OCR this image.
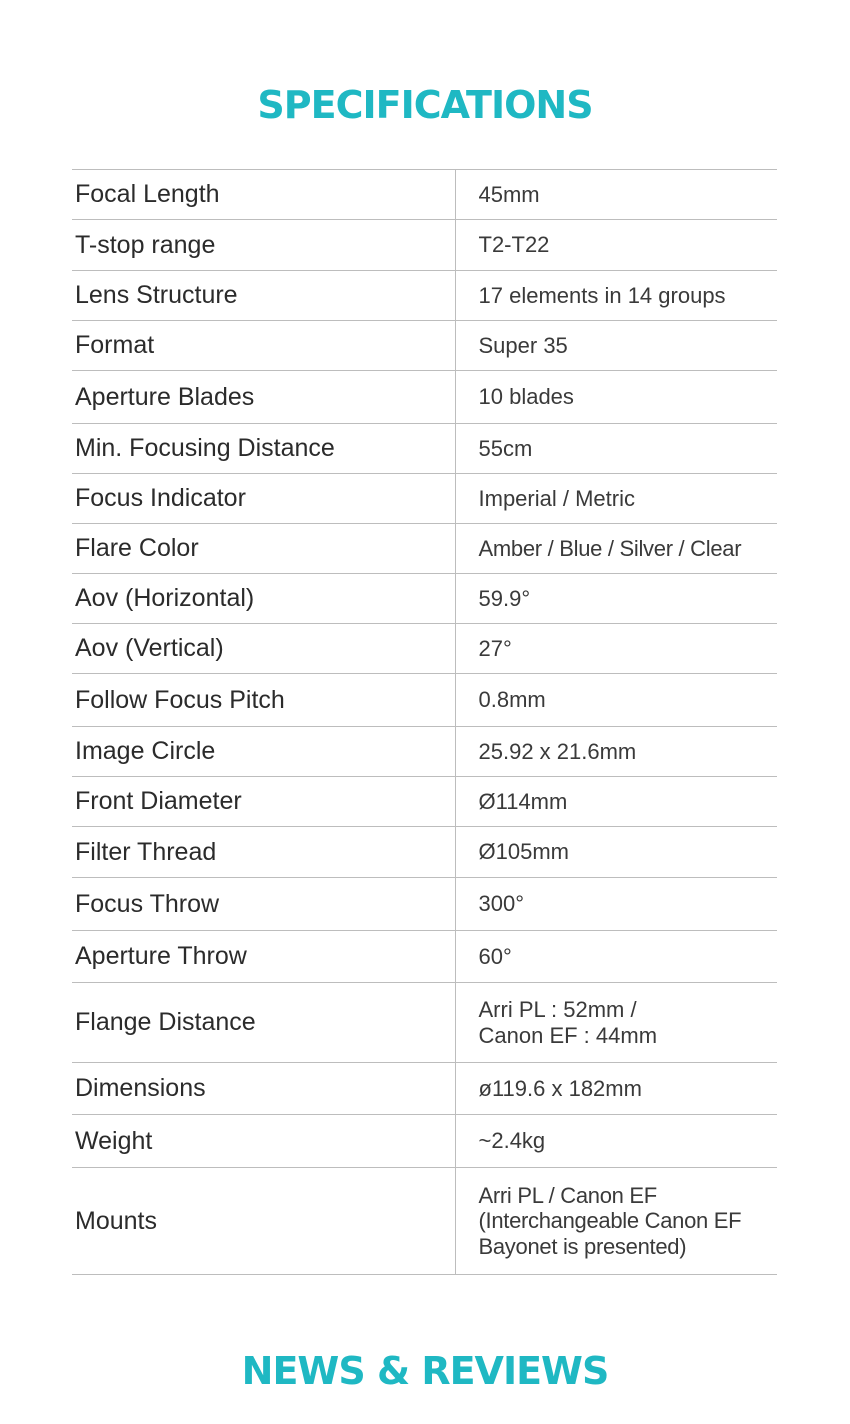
SPECIFICATIONS
Focal Length	45mm
T-stop range	T2-T22
Lens Structure	17 elements in 14 groups
Format	Super 35
Aperture Blades	10 blades
Min. Focusing Distance	55cm
Focus Indicator	Imperial / Metric
Flare Color	Amber / Blue / Silver / Clear
Aov (Horizontal)	59.9°
Aov (Vertical)	27°
Follow Focus Pitch	0.8mm
Image Circle	25.92 x 21.6mm
Front Diameter	Ø114mm
Filter Thread	Ø105mm
Focus Throw	300°
Aperture Throw	60°
Flange Distance	Arri PL : 52mm /
Canon EF : 44mm
Dimensions	ø119.6 x 182mm
Weight	~2.4kg
Mounts	Arri PL / Canon EF
(Interchangeable Canon EF
Bayonet is presented)
NEWS & REVIEWS
